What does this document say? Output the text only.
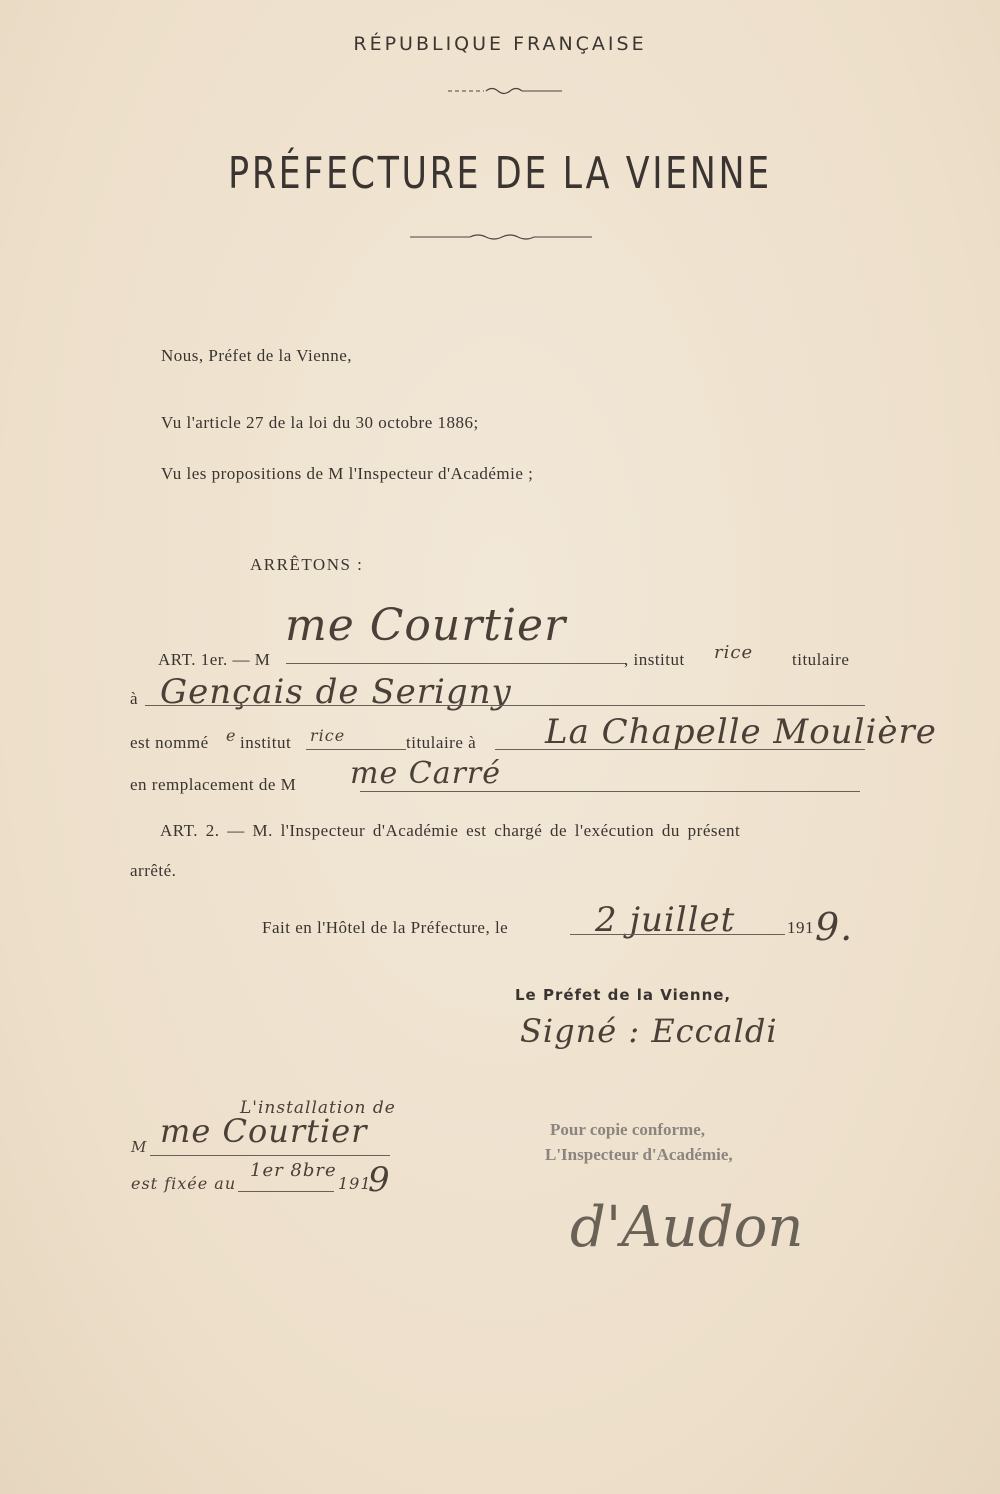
RÉPUBLIQUE FRANÇAISE
PRÉFECTURE DE LA VIENNE
Nous, Préfet de la Vienne,
Vu l'article 27 de la loi du 30 octobre 1886;
Vu les propositions de M l'Inspecteur d'Académie ;
ARRÊTONS :
ART. 1er. — M
me Courtier
, institut rice titulaire
à Gençais de Serigny
est nommé e institut rice	titulaire à La Chapelle Moulière
en remplacement de M me Carré
ART. 2. — M. l'Inspecteur d'Académie est chargé de l'exécution du présent
arrêté.
Fait en l'Hôtel de la Préfecture, le	2 juillet	191 9.
Le Préfet de la Vienne,
Signé : Eccaldi
L'installation de
M me Courtier
est fixée au
1er 8bre
191
9
Pour copie conforme,
L'Inspecteur d'Académie,
d'Audon
